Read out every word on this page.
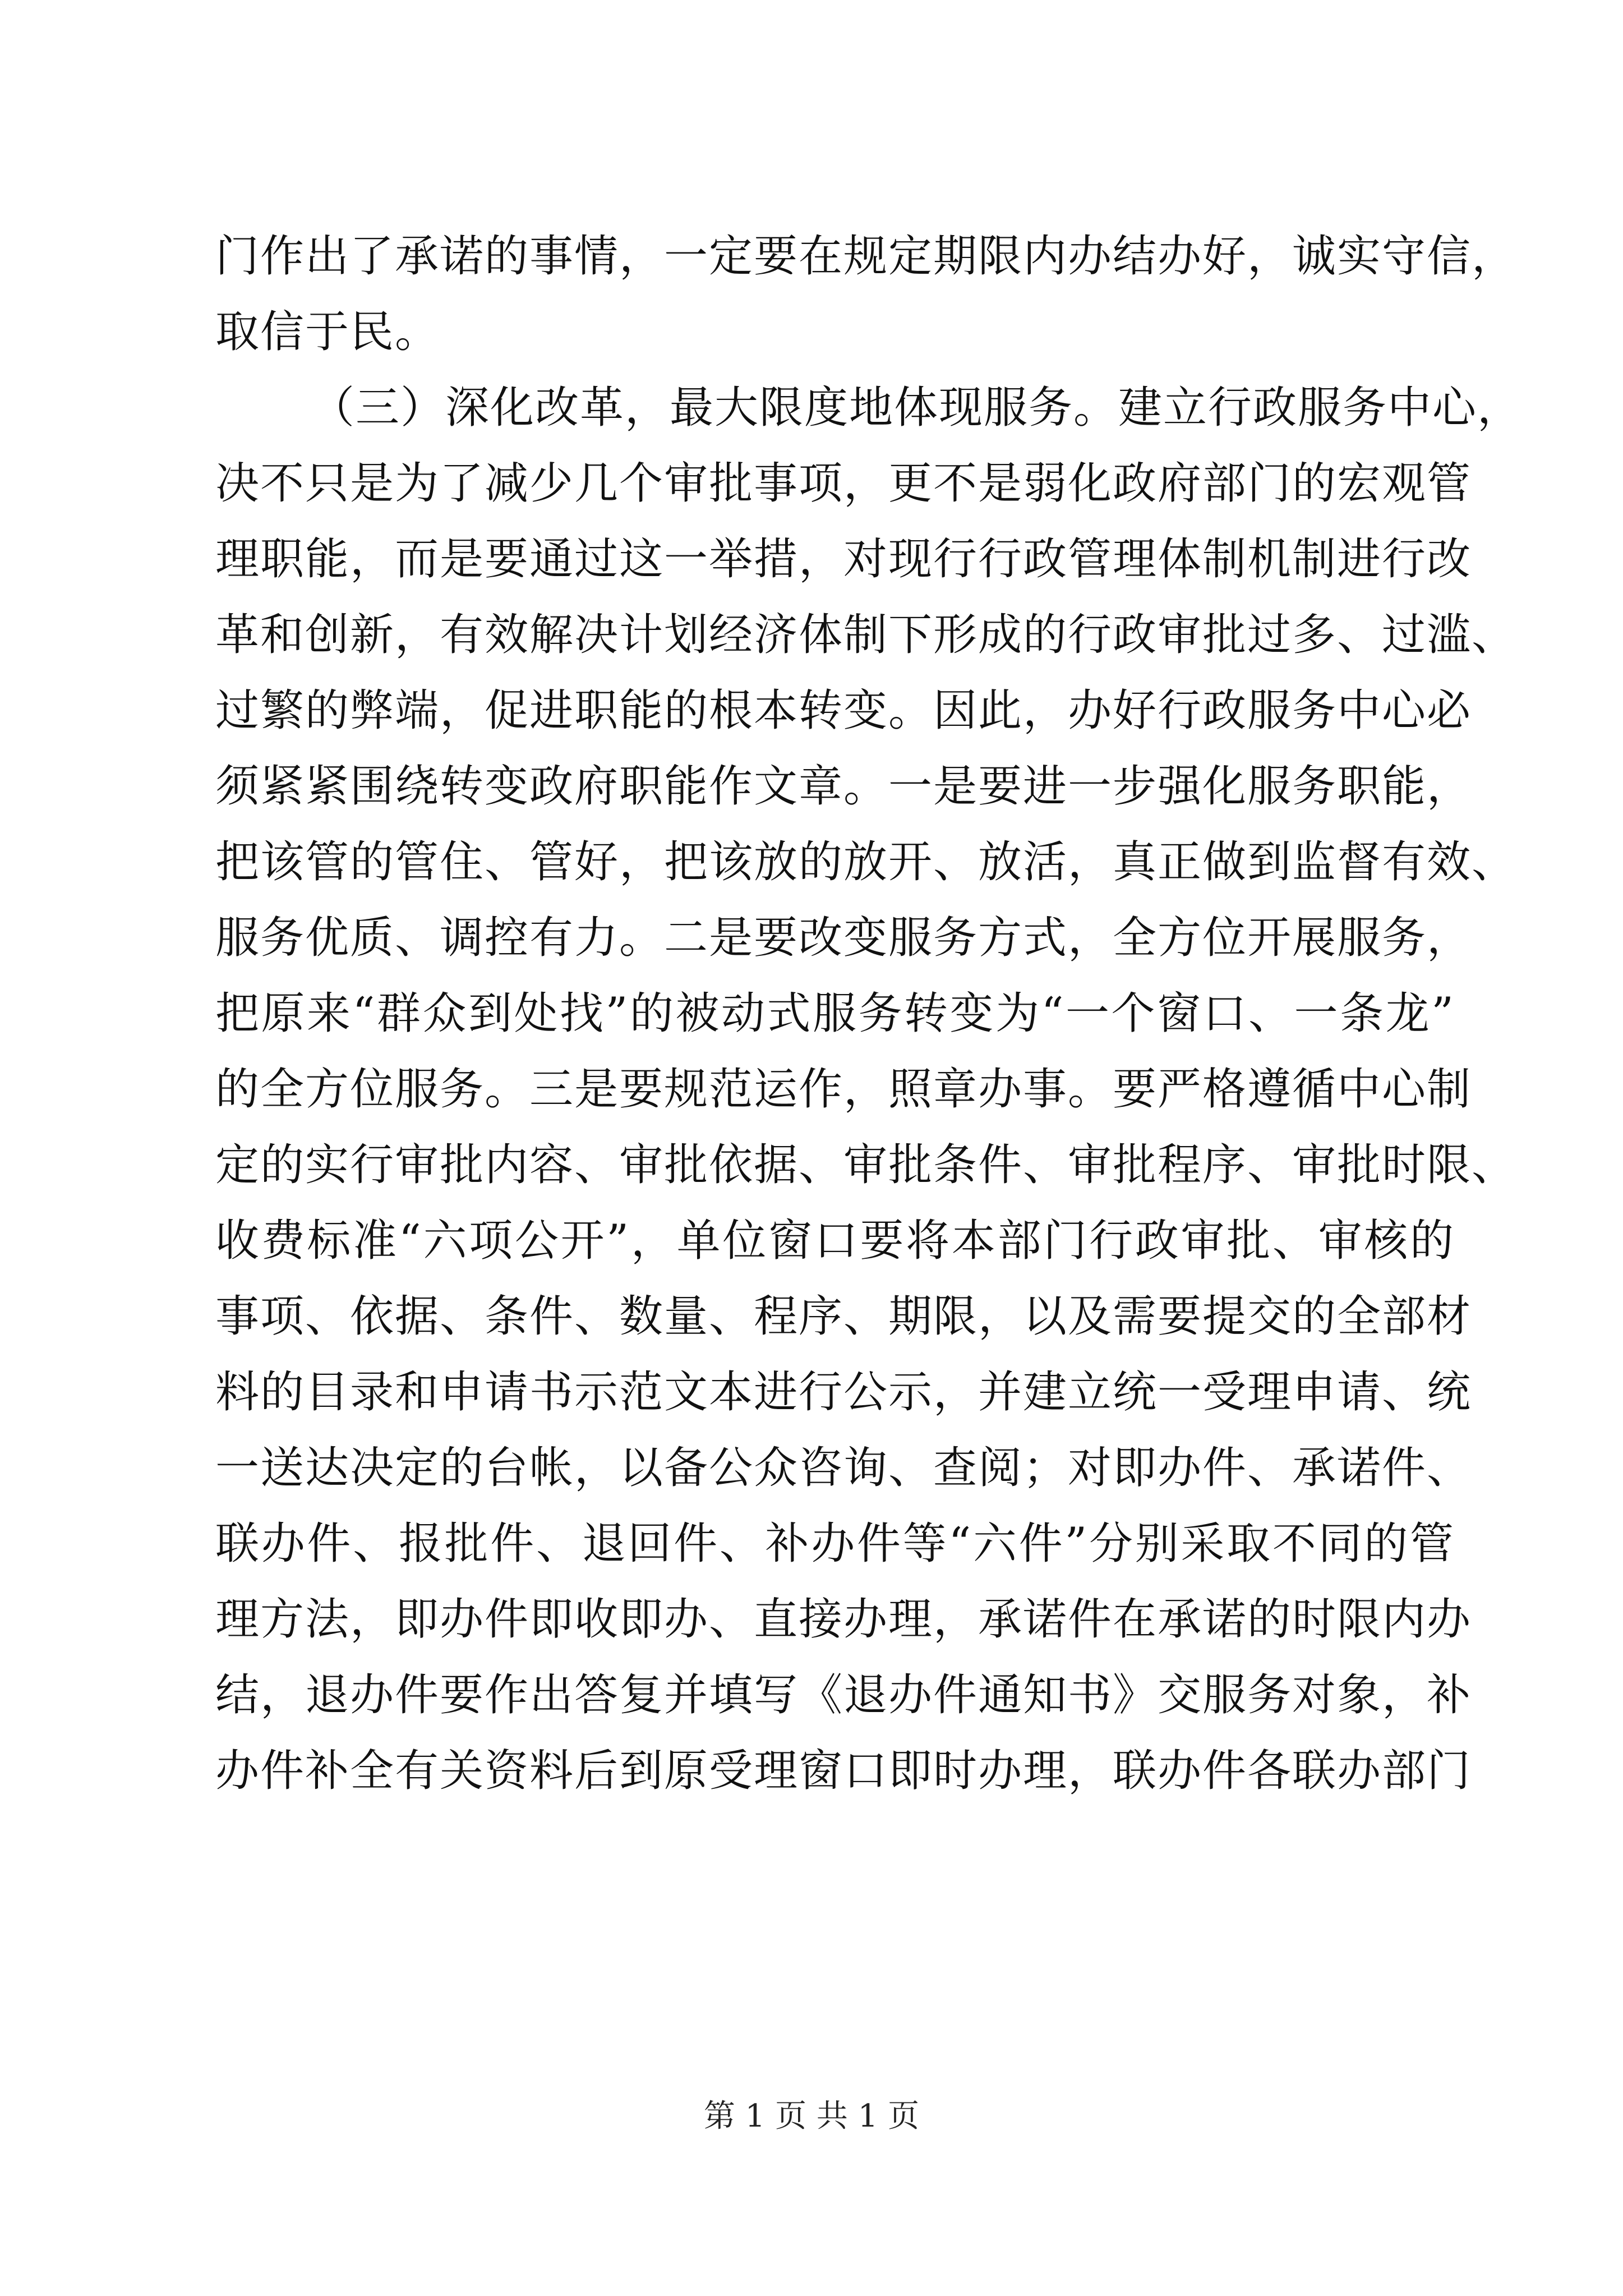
门作出了承诺的事情，一定要在规定期限内办结办好，诚实守信，
取信于民。
（三）深化改革，最大限度地体现服务。建立行政服务中心，
决不只是为了减少几个审批事项，更不是弱化政府部门的宏观管
理职能，而是要通过这一举措，对现行行政管理体制机制进行改
革和创新，有效解决计划经济体制下形成的行政审批过多、过滥、
过繁的弊端，促进职能的根本转变。因此，办好行政服务中心必
须紧紧围绕转变政府职能作文章。一是要进一步强化服务职能，
把该管的管住、管好，把该放的放开、放活，真正做到监督有效、
服务优质、调控有力。二是要改变服务方式，全方位开展服务，
把原来“群众到处找”的被动式服务转变为“一个窗口、一条龙”
的全方位服务。三是要规范运作，照章办事。要严格遵循中心制
定的实行审批内容、审批依据、审批条件、审批程序、审批时限、
收费标准“六项公开”，单位窗口要将本部门行政审批、审核的
事项、依据、条件、数量、程序、期限，以及需要提交的全部材
料的目录和申请书示范文本进行公示，并建立统一受理申请、统
一送达决定的台帐，以备公众咨询、查阅；对即办件、承诺件、
联办件、报批件、退回件、补办件等“六件”分别采取不同的管
理方法，即办件即收即办、直接办理，承诺件在承诺的时限内办
结，退办件要作出答复并填写《退办件通知书》交服务对象，补
办件补全有关资料后到原受理窗口即时办理，联办件各联办部门
第 1 页 共 1 页
